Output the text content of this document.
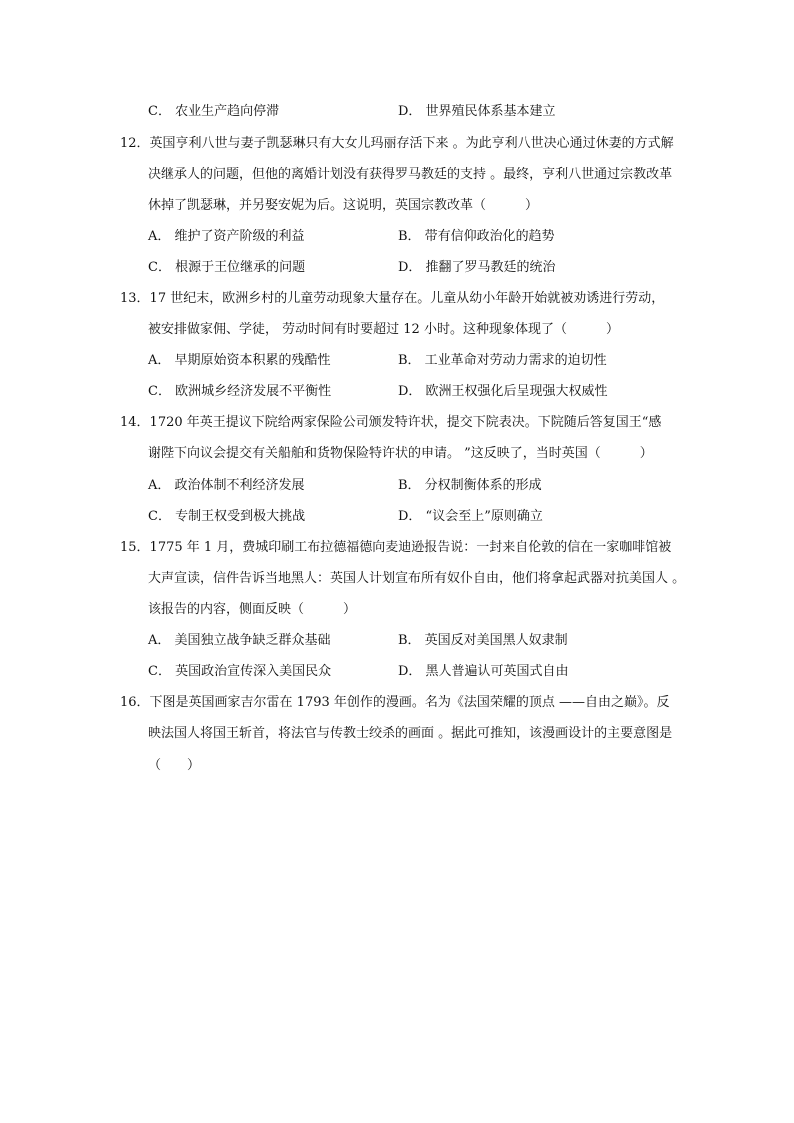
C． 农业生产趋向停滞	D． 世界殖民体系基本建立
12．英国亨利八世与妻子凯瑟琳只有大女儿玛丽存活下来 。为此亨利八世决心通过休妻的方式解
决继承人的问题，但他的离婚计划没有获得罗马教廷的支持 。最终，亨利八世通过宗教改革
休掉了凯瑟琳，并另娶安妮为后。这说明，英国宗教改革（　　　）
A． 维护了资产阶级的利益	B． 带有信仰政治化的趋势
C． 根源于王位继承的问题	D． 推翻了罗马教廷的统治
13．17 世纪末，欧洲乡村的儿童劳动现象大量存在。儿童从幼小年龄开始就被劝诱进行劳动，
被安排做家佣、学徒， 劳动时间有时要超过 12 小时。这种现象体现了（　　　）
A． 早期原始资本积累的残酷性	B． 工业革命对劳动力需求的迫切性
C． 欧洲城乡经济发展不平衡性	D． 欧洲王权强化后呈现强大权威性
14．1720 年英王提议下院给两家保险公司颁发特许状，提交下院表决。下院随后答复国王“感
谢陛下向议会提交有关船舶和货物保险特许状的申请。 ”这反映了，当时英国（　　　）
A． 政治体制不利经济发展	B． 分权制衡体系的形成
C． 专制王权受到极大挑战	D． “议会至上”原则确立
15．1775 年 1 月，费城印刷工布拉德福德向麦迪逊报告说：一封来自伦敦的信在一家咖啡馆被
大声宣读，信件告诉当地黑人：英国人计划宣布所有奴仆自由，他们将拿起武器对抗美国人 。
该报告的内容，侧面反映（　　　）
A． 美国独立战争缺乏群众基础	B． 英国反对美国黑人奴隶制
C． 英国政治宣传深入美国民众	D． 黑人普遍认可英国式自由
16．下图是英国画家吉尔雷在 1793 年创作的漫画。名为《法国荣耀的顶点 ——自由之巅》。反
映法国人将国王斩首，将法官与传教士绞杀的画面 。据此可推知，该漫画设计的主要意图是
（　　）
